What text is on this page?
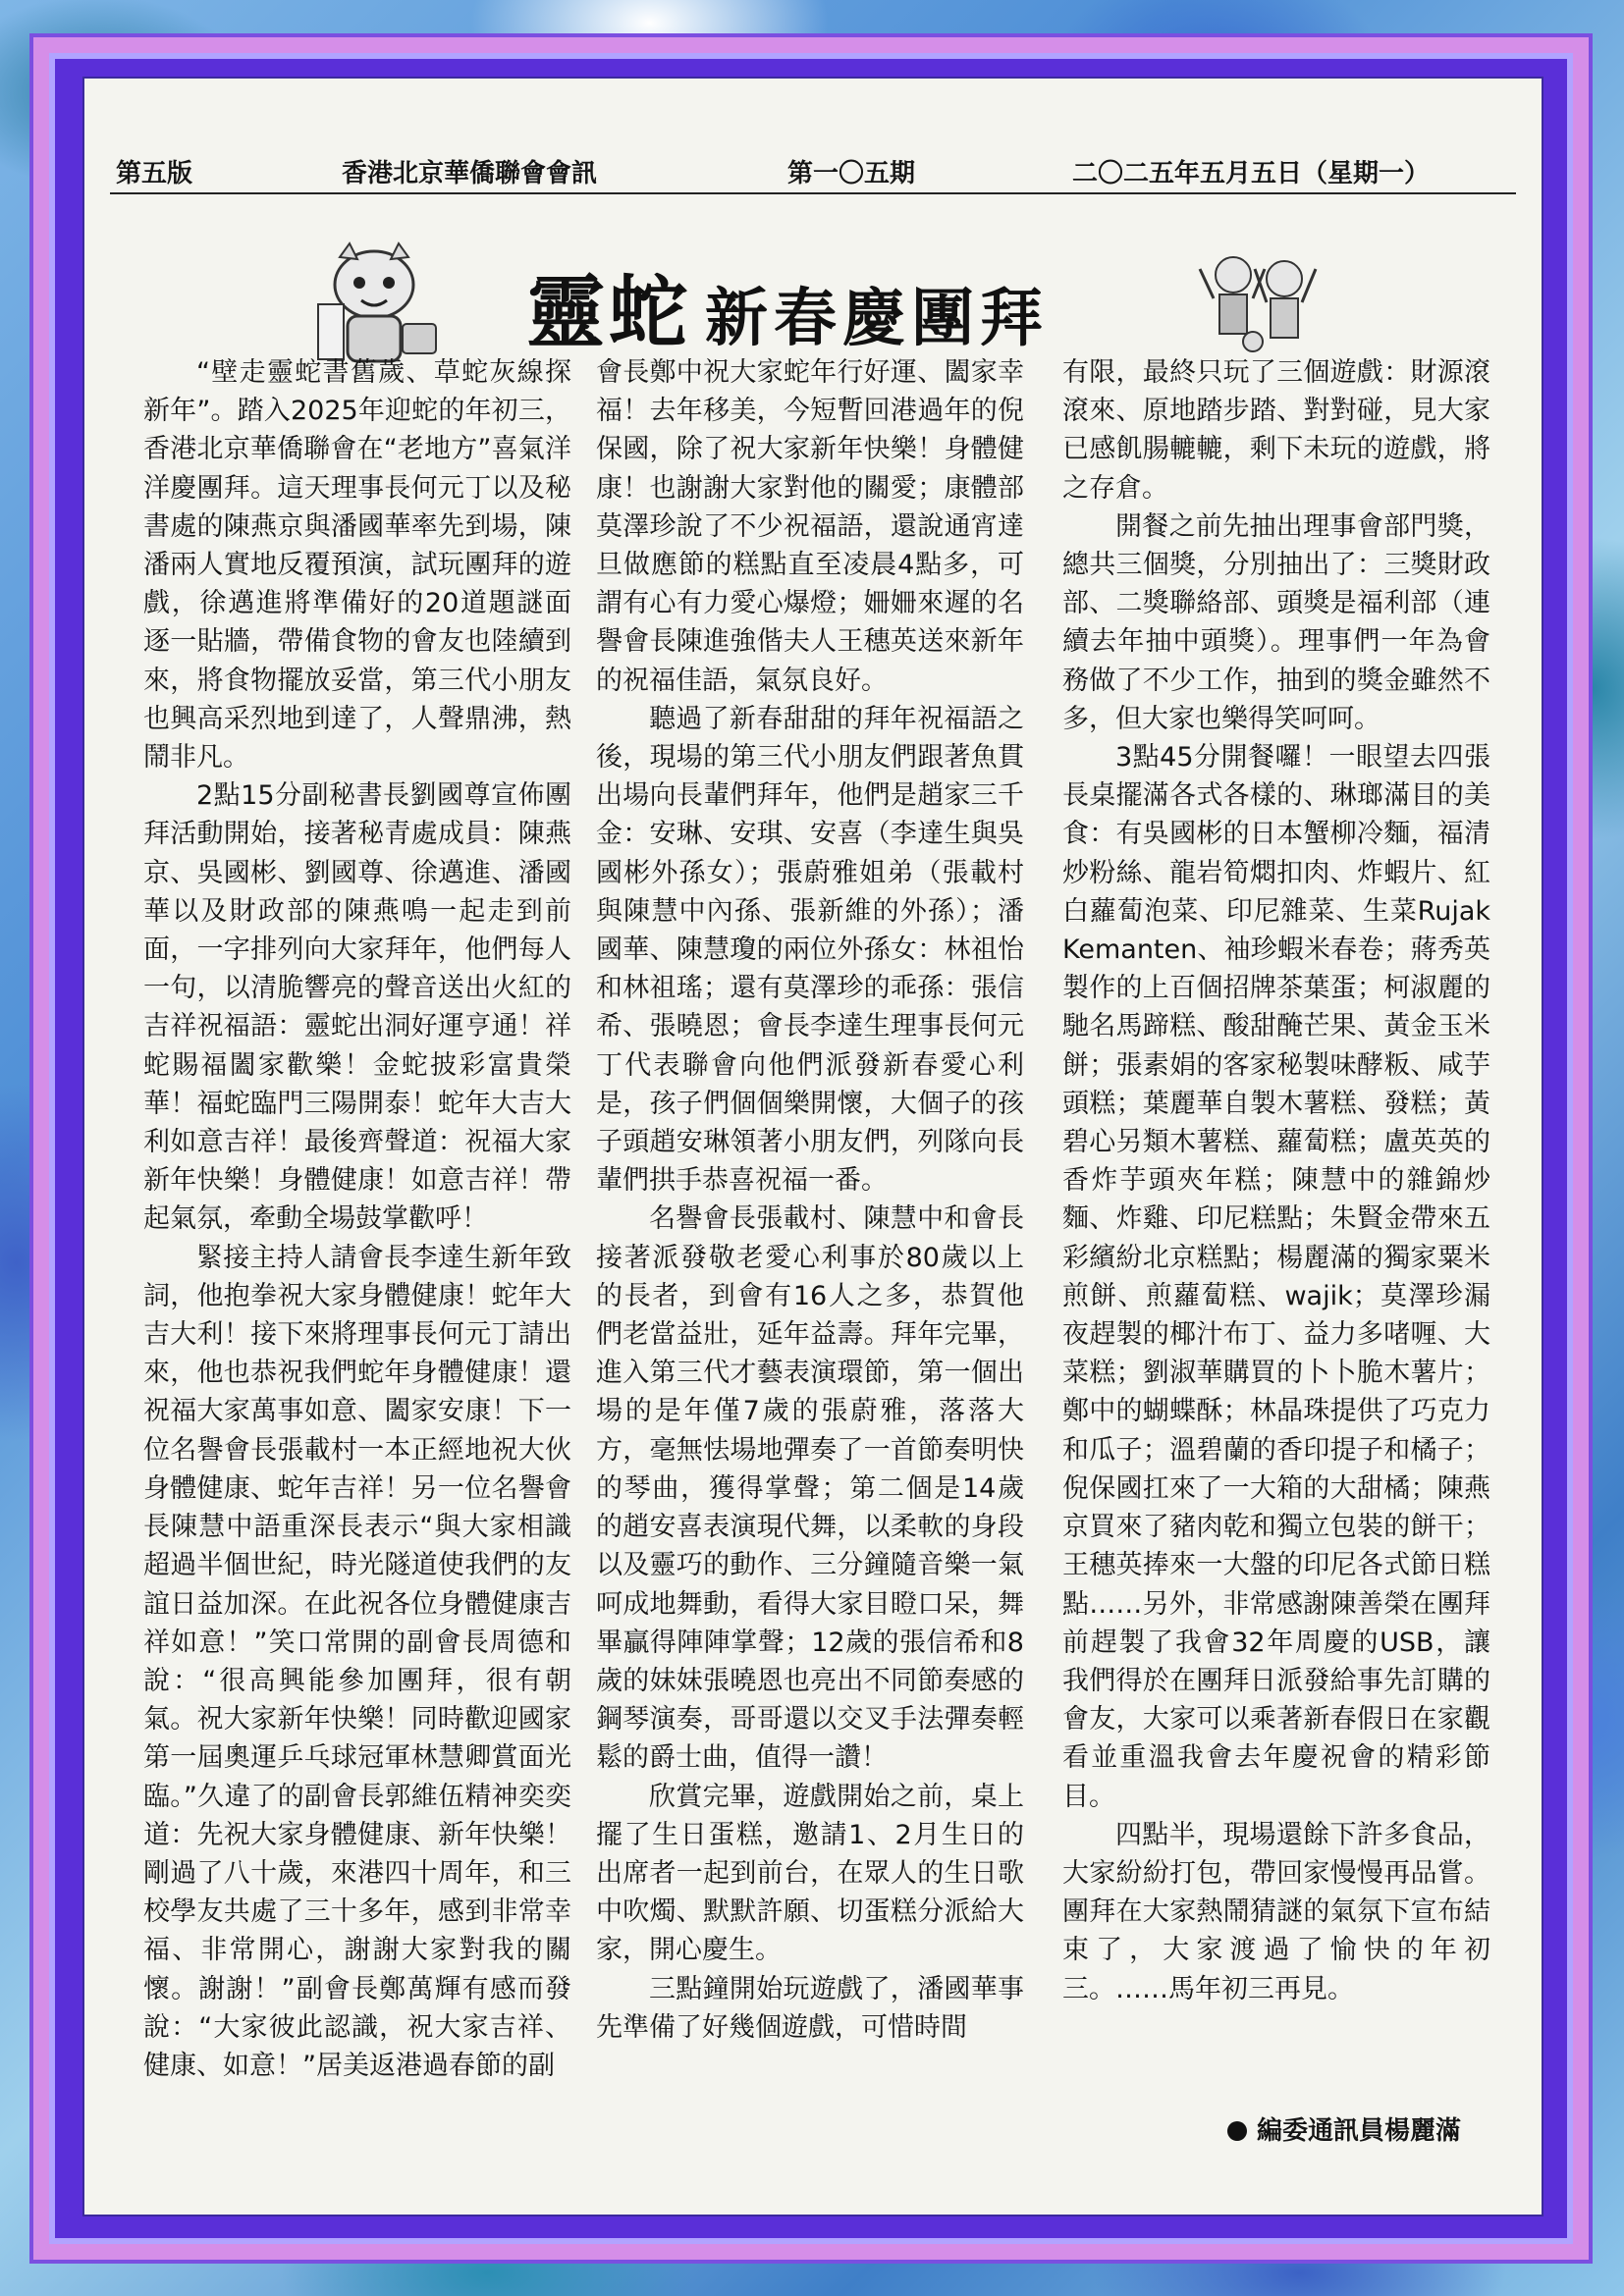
第五版	香港北京華僑聯會會訊	第一〇五期	二〇二五年五月五日（星期一）
靈蛇 新春慶團拜

“壁走靈蛇書舊歲、草蛇灰線探新年”。踏入2025年迎蛇的年初三，香港北京華僑聯會在“老地方”喜氣洋洋慶團拜。這天理事長何元丁以及秘書處的陳燕京與潘國華率先到場，陳潘兩人實地反覆預演，試玩團拜的遊戲，徐邁進將準備好的20道題謎面逐一貼牆，帶備食物的會友也陸續到來，將食物擺放妥當，第三代小朋友也興高采烈地到達了，人聲鼎沸，熱鬧非凡。

2點15分副秘書長劉國尊宣佈團拜活動開始，接著秘青處成員：陳燕京、吳國彬、劉國尊、徐邁進、潘國華以及財政部的陳燕鳴一起走到前面，一字排列向大家拜年，他們每人一句，以清脆響亮的聲音送出火紅的吉祥祝福語：靈蛇出洞好運亨通！祥蛇賜福闔家歡樂！金蛇披彩富貴榮華！福蛇臨門三陽開泰！蛇年大吉大利如意吉祥！最後齊聲道：祝福大家新年快樂！身體健康！如意吉祥！帶起氣氛，牽動全場鼓掌歡呼！

緊接主持人請會長李達生新年致詞，他抱拳祝大家身體健康！蛇年大吉大利！接下來將理事長何元丁請出來，他也恭祝我們蛇年身體健康！還祝福大家萬事如意、闔家安康！下一位名譽會長張載村一本正經地祝大伙身體健康、蛇年吉祥！另一位名譽會長陳慧中語重深長表示“與大家相識超過半個世紀，時光隧道使我們的友誼日益加深。在此祝各位身體健康吉祥如意！”笑口常開的副會長周德和說：“很高興能參加團拜，很有朝氣。祝大家新年快樂！同時歡迎國家第一屆奧運乒乓球冠軍林慧卿賞面光臨。”久違了的副會長郭維伍精神奕奕道：先祝大家身體健康、新年快樂！剛過了八十歲，來港四十周年，和三校學友共處了三十多年，感到非常幸福、非常開心，謝謝大家對我的關懷。謝謝！”副會長鄭萬輝有感而發說：“大家彼此認識，祝大家吉祥、健康、如意！”居美返港過春節的副

會長鄭中祝大家蛇年行好運、闔家幸福！去年移美，今短暫回港過年的倪保國，除了祝大家新年快樂！身體健康！也謝謝大家對他的關愛；康體部莫澤珍說了不少祝福語，還說通宵達旦做應節的糕點直至凌晨4點多，可謂有心有力愛心爆燈；姍姍來遲的名譽會長陳進強偕夫人王穗英送來新年的祝福佳語，氣氛良好。

聽過了新春甜甜的拜年祝福語之後，現場的第三代小朋友們跟著魚貫出場向長輩們拜年，他們是趙家三千金：安琳、安琪、安喜（李達生與吳國彬外孫女）；張蔚雅姐弟（張載村與陳慧中內孫、張新維的外孫）；潘國華、陳慧瓊的兩位外孫女：林祖怡和林祖瑤；還有莫澤珍的乖孫：張信希、張曉恩；會長李達生理事長何元丁代表聯會向他們派發新春愛心利是，孩子們個個樂開懷，大個子的孩子頭趙安琳領著小朋友們，列隊向長輩們拱手恭喜祝福一番。

名譽會長張載村、陳慧中和會長接著派發敬老愛心利事於80歲以上的長者，到會有16人之多，恭賀他們老當益壯，延年益壽。拜年完畢，進入第三代才藝表演環節，第一個出場的是年僅7歲的張蔚雅，落落大方，毫無怯場地彈奏了一首節奏明快的琴曲，獲得掌聲；第二個是14歲的趙安喜表演現代舞，以柔軟的身段以及靈巧的動作、三分鐘隨音樂一氣呵成地舞動，看得大家目瞪口呆，舞畢贏得陣陣掌聲；12歲的張信希和8歲的妹妹張曉恩也亮出不同節奏感的鋼琴演奏，哥哥還以交叉手法彈奏輕鬆的爵士曲，值得一讚！

欣賞完畢，遊戲開始之前，桌上擺了生日蛋糕，邀請1、2月生日的出席者一起到前台，在眾人的生日歌中吹燭、默默許願、切蛋糕分派給大家，開心慶生。

三點鐘開始玩遊戲了，潘國華事先準備了好幾個遊戲，可惜時間

有限，最終只玩了三個遊戲：財源滾滾來、原地踏步踏、對對碰，見大家已感飢腸轆轆，剩下未玩的遊戲，將之存倉。

開餐之前先抽出理事會部門獎，總共三個獎，分別抽出了：三獎財政部、二獎聯絡部、頭獎是福利部（連續去年抽中頭獎）。理事們一年為會務做了不少工作，抽到的獎金雖然不多，但大家也樂得笑呵呵。

3點45分開餐囉！一眼望去四張長桌擺滿各式各樣的、琳瑯滿目的美食：有吳國彬的日本蟹柳冷麵，福清炒粉絲、龍岩筍燜扣肉、炸蝦片、紅白蘿蔔泡菜、印尼雜菜、生菜Rujak Kemanten、袖珍蝦米春卷；蔣秀英製作的上百個招牌茶葉蛋；柯淑麗的馳名馬蹄糕、酸甜醃芒果、黃金玉米餅；張素娟的客家秘製味酵粄、咸芋頭糕；葉麗華自製木薯糕、發糕；黃碧心另類木薯糕、蘿蔔糕；盧英英的香炸芋頭夾年糕；陳慧中的雜錦炒麵、炸雞、印尼糕點；朱賢金帶來五彩繽紛北京糕點；楊麗滿的獨家粟米煎餅、煎蘿蔔糕、wajik；莫澤珍漏夜趕製的椰汁布丁、益力多啫喱、大菜糕；劉淑華購買的卜卜脆木薯片；鄭中的蝴蝶酥；林晶珠提供了巧克力和瓜子；溫碧蘭的香印提子和橘子；倪保國扛來了一大箱的大甜橘；陳燕京買來了豬肉乾和獨立包裝的餅干；王穗英捧來一大盤的印尼各式節日糕點……另外，非常感謝陳善榮在團拜前趕製了我會32年周慶的USB，讓我們得於在團拜日派發給事先訂購的會友，大家可以乘著新春假日在家觀看並重溫我會去年慶祝會的精彩節目。

四點半，現場還餘下許多食品，大家紛紛打包，帶回家慢慢再品嘗。團拜在大家熱鬧猜謎的氣氛下宣布結束了，大家渡過了愉快的年初三。……馬年初三再見。

編委通訊員楊麗滿
